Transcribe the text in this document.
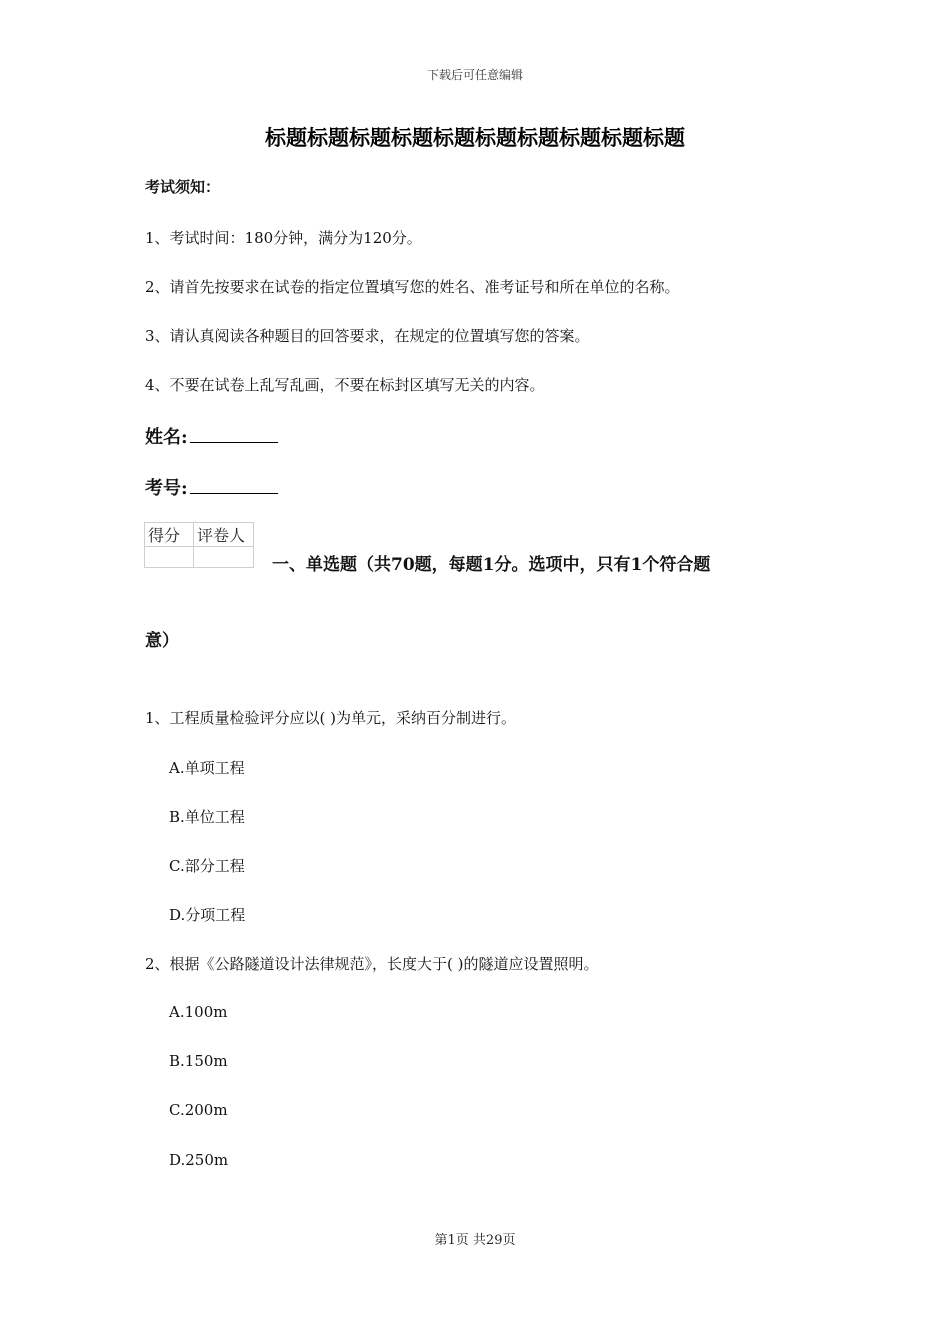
下载后可任意编辑
标题标题标题标题标题标题标题标题标题标题
考试须知：
1、考试时间：180分钟，满分为120分。
2、请首先按要求在试卷的指定位置填写您的姓名、准考证号和所在单位的名称。
3、请认真阅读各种题目的回答要求，在规定的位置填写您的答案。
4、不要在试卷上乱写乱画，不要在标封区填写无关的内容。
姓名:
考号:
得分	评卷人

一、单选题（共70题，每题1分。选项中，只有1个符合题
意）
1、工程质量检验评分应以( )为单元，采纳百分制进行。
A.单项工程
B.单位工程
C.部分工程
D.分项工程
2、根据《公路隧道设计法律规范》，长度大于( )的隧道应设置照明。
A.100m
B.150m
C.200m
D.250m
第1页 共29页
